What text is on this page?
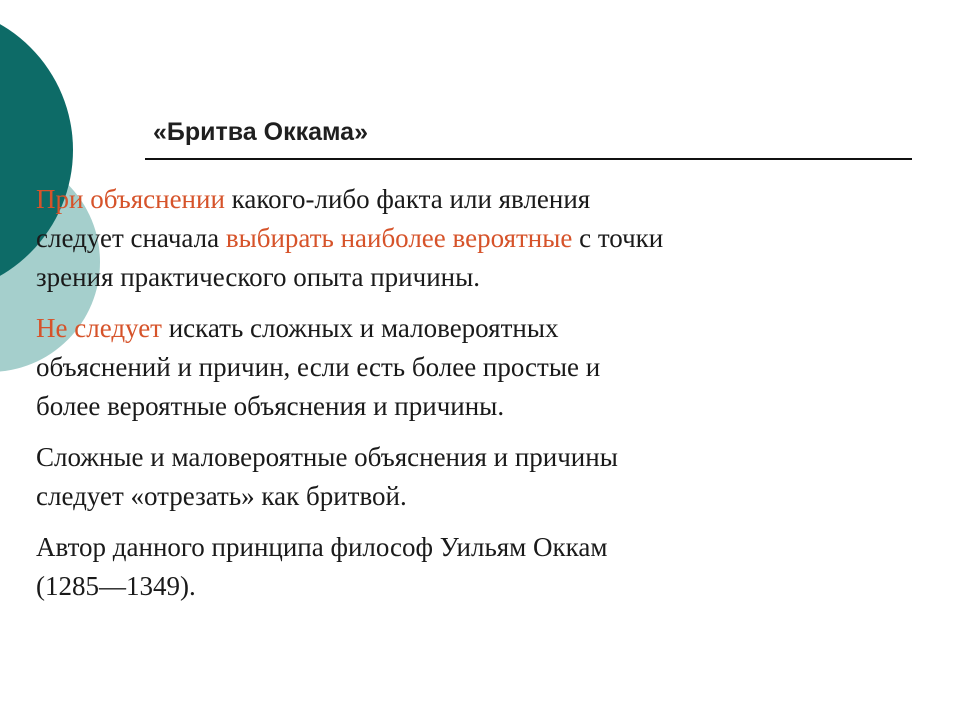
«Бритва Оккама»

При объяснении какого-либо факта или явления
следует сначала выбирать наиболее вероятные с точки
зрения практического опыта причины.

Не следует искать сложных и маловероятных
объяснений и причин, если есть более простые и
более вероятные объяснения и причины.

Сложные и маловероятные объяснения и причины
следует «отрезать» как бритвой.

Автор данного принципа философ Уильям Оккам
(1285—1349).
